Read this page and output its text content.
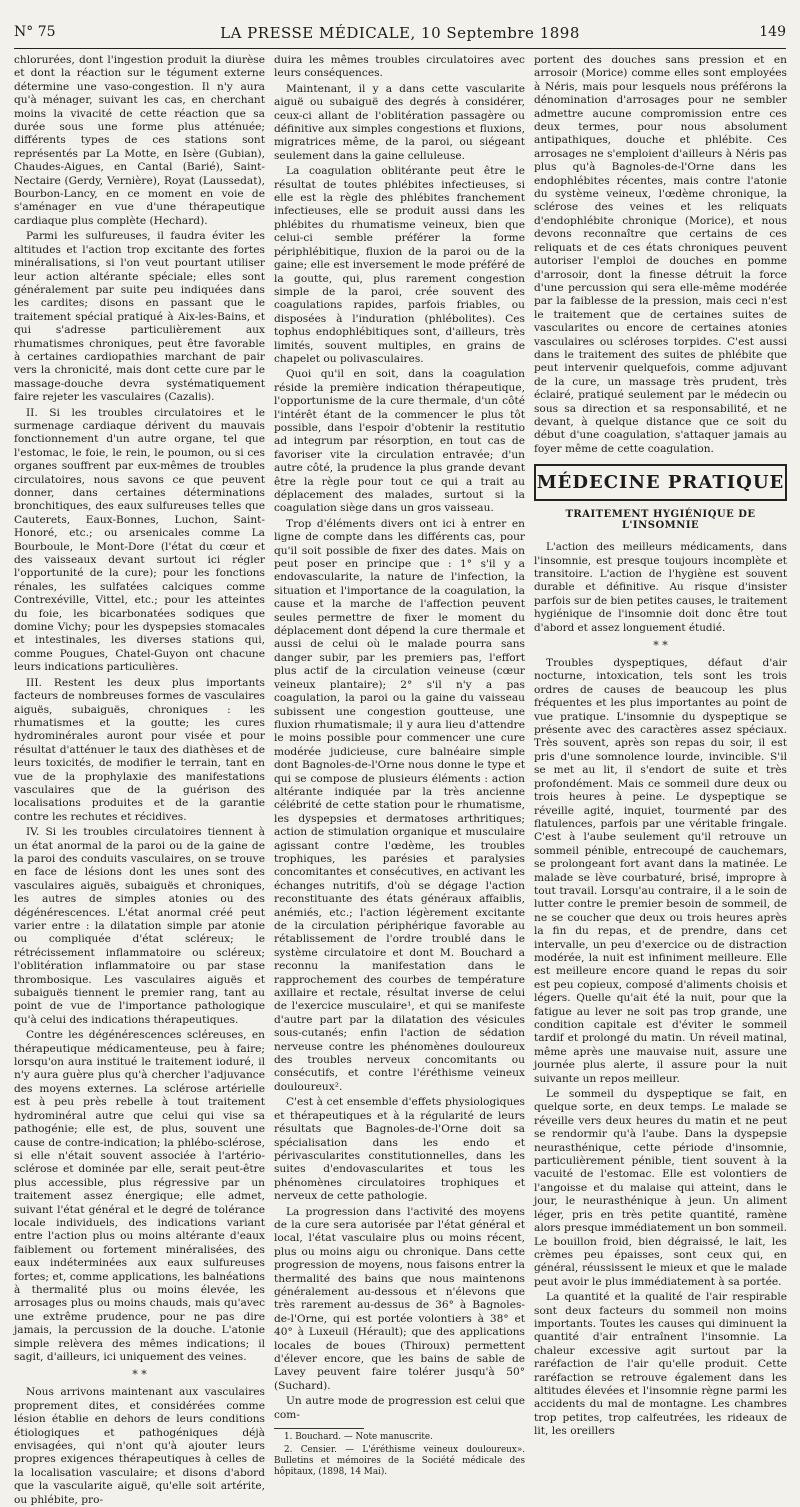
N° 75	LA PRESSE MÉDICALE, 10 Septembre 1898	149

chlorurées, dont l'ingestion produit la diurèse et dont la réaction sur le tégument externe détermine une vaso-congestion. Il n'y aura qu'à ménager, suivant les cas, en cherchant moins la vivacité de cette réaction que sa durée sous une forme plus atténuée; différents types de ces stations sont représentés par La Motte, en Isère (Gubian), Chaudes-Aigues, en Cantal (Barié), Saint-Nectaire (Gerdy, Vernière), Royat (Laussedat), Bourbon-Lancy, en ce moment en voie de s'aménager en vue d'une thérapeutique cardiaque plus complète (Hechard).

Parmi les sulfureuses, il faudra éviter les altitudes et l'action trop excitante des fortes minéralisations, si l'on veut pourtant utiliser leur action altérante spéciale; elles sont généralement par suite peu indiquées dans les cardites; disons en passant que le traitement spécial pratiqué à Aix-les-Bains, et qui s'adresse particulièrement aux rhumatismes chroniques, peut être favorable à certaines cardiopathies marchant de pair vers la chronicité, mais dont cette cure par le massage-douche devra systématiquement faire rejeter les vasculaires (Cazalis).

II. Si les troubles circulatoires et le surmenage cardiaque dérivent du mauvais fonctionnement d'un autre organe, tel que l'estomac, le foie, le rein, le poumon, ou si ces organes souffrent par eux-mêmes de troubles circulatoires, nous savons ce que peuvent donner, dans certaines déterminations bronchitiques, des eaux sulfureuses telles que Cauterets, Eaux-Bonnes, Luchon, Saint-Honoré, etc.; ou arsenicales comme La Bourboule, le Mont-Dore (l'état du cœur et des vaisseaux devant surtout ici régler l'opportunité de la cure); pour les fonctions rénales, les sulfatées calciques comme Contrexéville, Vittel, etc.; pour les atteintes du foie, les bicarbonatées sodiques que domine Vichy; pour les dyspepsies stomacales et intestinales, les diverses stations qui, comme Pougues, Chatel-Guyon ont chacune leurs indications particulières.

III. Restent les deux plus importants facteurs de nombreuses formes de vasculaires aiguës, subaiguës, chroniques : les rhumatismes et la goutte; les cures hydrominérales auront pour visée et pour résultat d'atténuer le taux des diathèses et de leurs toxicités, de modifier le terrain, tant en vue de la prophylaxie des manifestations vasculaires que de la guérison des localisations produites et de la garantie contre les rechutes et récidives.

IV. Si les troubles circulatoires tiennent à un état anormal de la paroi ou de la gaine de la paroi des conduits vasculaires, on se trouve en face de lésions dont les unes sont des vasculaires aiguës, subaiguës et chroniques, les autres de simples atonies ou des dégénérescences. L'état anormal créé peut varier entre : la dilatation simple par atonie ou compliquée d'état scléreux; le rétrécissement inflammatoire ou scléreux; l'oblitération inflammatoire ou par stase thrombosique. Les vasculaires aiguës et subaiguës tiennent le premier rang, tant au point de vue de l'importance pathologique qu'à celui des indications thérapeutiques.

Contre les dégénérescences scléreuses, en thérapeutique médicamenteuse, peu à faire; lorsqu'on aura institué le traitement ioduré, il n'y aura guère plus qu'à chercher l'adjuvance des moyens externes. La sclérose artérielle est à peu près rebelle à tout traitement hydrominéral autre que celui qui vise sa pathogénie; elle est, de plus, souvent une cause de contre-indication; la phlébo-sclérose, si elle n'était souvent associée à l'artério-sclérose et dominée par elle, serait peut-être plus accessible, plus régressive par un traitement assez énergique; elle admet, suivant l'état général et le degré de tolérance locale individuels, des indications variant entre l'action plus ou moins altérante d'eaux faiblement ou fortement minéralisées, des eaux indéterminées aux eaux sulfureuses fortes; et, comme applications, les balnéations à thermalité plus ou moins élevée, les arrosages plus ou moins chauds, mais qu'avec une extrême prudence, pour ne pas dire jamais, la percussion de la douche. L'atonie simple relèvera des mêmes indications; il sagit, d'ailleurs, ici uniquement des veines.

* *

Nous arrivons maintenant aux vasculaires proprement dites, et considérées comme lésion établie en dehors de leurs conditions étiologiques et pathogéniques déjà envisagées, qui n'ont qu'à ajouter leurs propres exigences thérapeutiques à celles de la localisation vasculaire; et disons d'abord que la vascularite aiguë, qu'elle soit artérite, ou phlébite, pro-

duira les mêmes troubles circulatoires avec leurs conséquences.

Maintenant, il y a dans cette vascularite aiguë ou subaiguë des degrés à considérer, ceux-ci allant de l'oblitération passagère ou définitive aux simples congestions et fluxions, migratrices même, de la paroi, ou siégeant seulement dans la gaine celluleuse.

La coagulation oblitérante peut être le résultat de toutes phlébites infectieuses, si elle est la règle des phlébites franchement infectieuses, elle se produit aussi dans les phlébites du rhumatisme veineux, bien que celui-ci semble préférer la forme périphlébitique, fluxion de la paroi ou de la gaine; elle est inversement le mode préféré de la goutte, qui, plus rarement congestion simple de la paroi, crée souvent des coagulations rapides, parfois friables, ou disposées à l'induration (phlébolites). Ces tophus endophlébitiques sont, d'ailleurs, très limités, souvent multiples, en grains de chapelet ou polivasculaires.

Quoi qu'il en soit, dans la coagulation réside la première indication thérapeutique, l'opportunisme de la cure thermale, d'un côté l'intérêt étant de la commencer le plus tôt possible, dans l'espoir d'obtenir la restitutio ad integrum par résorption, en tout cas de favoriser vite la circulation entravée; d'un autre côté, la prudence la plus grande devant être la règle pour tout ce qui a trait au déplacement des malades, surtout si la coagulation siège dans un gros vaisseau.

Trop d'éléments divers ont ici à entrer en ligne de compte dans les différents cas, pour qu'il soit possible de fixer des dates. Mais on peut poser en principe que : 1° s'il y a endovascularite, la nature de l'infection, la situation et l'importance de la coagulation, la cause et la marche de l'affection peuvent seules permettre de fixer le moment du déplacement dont dépend la cure thermale et aussi de celui où le malade pourra sans danger subir, par les premiers pas, l'effort plus actif de la circulation veineuse (cœur veineux plantaire); 2° s'il n'y a pas coagulation, la paroi ou la gaine du vaisseau subissent une congestion goutteuse, une fluxion rhumatismale; il y aura lieu d'attendre le moins possible pour commencer une cure modérée judicieuse, cure balnéaire simple dont Bagnoles-de-l'Orne nous donne le type et qui se compose de plusieurs éléments : action altérante indiquée par la très ancienne célébrité de cette station pour le rhumatisme, les dyspepsies et dermatoses arthritiques; action de stimulation organique et musculaire agissant contre l'œdème, les troubles trophiques, les parésies et paralysies concomitantes et consécutives, en activant les échanges nutritifs, d'où se dégage l'action reconstituante des états généraux affaiblis, anémiés, etc.; l'action légèrement excitante de la circulation périphérique favorable au rétablissement de l'ordre troublé dans le système circulatoire et dont M. Bouchard a reconnu la manifestation dans le rapprochement des courbes de température axillaire et rectale, résultat inverse de celui de l'exercice musculaire¹, et qui se manifeste d'autre part par la dilatation des vésicules sous-cutanés; enfin l'action de sédation nerveuse contre les phénomènes douloureux des troubles nerveux concomitants ou consécutifs, et contre l'éréthisme veineux douloureux².

C'est à cet ensemble d'effets physiologiques et thérapeutiques et à la régularité de leurs résultats que Bagnoles-de-l'Orne doit sa spécialisation dans les endo et périvascularites constitutionnelles, dans les suites d'endovascularites et tous les phénomènes circulatoires trophiques et nerveux de cette pathologie.

La progression dans l'activité des moyens de la cure sera autorisée par l'état général et local, l'état vasculaire plus ou moins récent, plus ou moins aigu ou chronique. Dans cette progression de moyens, nous faisons entrer la thermalité des bains que nous maintenons généralement au-dessous et n'élevons que très rarement au-dessus de 36° à Bagnoles-de-l'Orne, qui est portée volontiers à 38° et 40° à Luxeuil (Hérault); que des applications locales de boues (Thiroux) permettent d'élever encore, que les bains de sable de Lavey peuvent faire tolérer jusqu'à 50° (Suchard).

Un autre mode de progression est celui que com-

1. Bouchard. — Note manuscrite.

2. Censier. — L'éréthisme veineux douloureux». Bulletins et mémoires de la Société médicale des hôpitaux, (1898, 14 Mai).

portent des douches sans pression et en arrosoir (Morice) comme elles sont employées à Néris, mais pour lesquels nous préférons la dénomination d'arrosages pour ne sembler admettre aucune compromission entre ces deux termes, pour nous absolument antipathiques, douche et phlébite. Ces arrosages ne s'emploient d'ailleurs à Néris pas plus qu'à Bagnoles-de-l'Orne dans les endophlébites récentes, mais contre l'atonie du système veineux, l'œdème chronique, la sclérose des veines et les reliquats d'endophlébite chronique (Morice), et nous devons reconnaître que certains de ces reliquats et de ces états chroniques peuvent autoriser l'emploi de douches en pomme d'arrosoir, dont la finesse détruit la force d'une percussion qui sera elle-même modérée par la faiblesse de la pression, mais ceci n'est le traitement que de certaines suites de vascularites ou encore de certaines atonies vasculaires ou scléroses torpides. C'est aussi dans le traitement des suites de phlébite que peut intervenir quelquefois, comme adjuvant de la cure, un massage très prudent, très éclairé, pratiqué seulement par le médecin ou sous sa direction et sa responsabilité, et ne devant, à quelque distance que ce soit du début d'une coagulation, s'attaquer jamais au foyer même de cette coagulation.

MÉDECINE PRATIQUE
TRAITEMENT HYGIÉNIQUE DE L'INSOMNIE

L'action des meilleurs médicaments, dans l'insomnie, est presque toujours incomplète et transitoire. L'action de l'hygiène est souvent durable et définitive. Au risque d'insister parfois sur de bien petites causes, le traitement hygiénique de l'insomnie doit donc être tout d'abord et assez longuement étudié.

* *

Troubles dyspeptiques, défaut d'air nocturne, intoxication, tels sont les trois ordres de causes de beaucoup les plus fréquentes et les plus importantes au point de vue pratique. L'insomnie du dyspeptique se présente avec des caractères assez spéciaux. Très souvent, après son repas du soir, il est pris d'une somnolence lourde, invincible. S'il se met au lit, il s'endort de suite et très profondément. Mais ce sommeil dure deux ou trois heures à peine. Le dyspeptique se réveille agité, inquiet, tourmenté par des flatulences, parfois par une véritable fringale. C'est à l'aube seulement qu'il retrouve un sommeil pénible, entrecoupé de cauchemars, se prolongeant fort avant dans la matinée. Le malade se lève courbaturé, brisé, impropre à tout travail. Lorsqu'au contraire, il a le soin de lutter contre le premier besoin de sommeil, de ne se coucher que deux ou trois heures après la fin du repas, et de prendre, dans cet intervalle, un peu d'exercice ou de distraction modérée, la nuit est infiniment meilleure. Elle est meilleure encore quand le repas du soir est peu copieux, composé d'aliments choisis et légers. Quelle qu'ait été la nuit, pour que la fatigue au lever ne soit pas trop grande, une condition capitale est d'éviter le sommeil tardif et prolongé du matin. Un réveil matinal, même après une mauvaise nuit, assure une journée plus alerte, il assure pour la nuit suivante un repos meilleur.

Le sommeil du dyspeptique se fait, en quelque sorte, en deux temps. Le malade se réveille vers deux heures du matin et ne peut se rendormir qu'à l'aube. Dans la dyspepsie neurasthénique, cette période d'insomnie, particulièrement pénible, tient souvent à la vacuité de l'estomac. Elle est volontiers de l'angoisse et du malaise qui atteint, dans le jour, le neurasthénique à jeun. Un aliment léger, pris en très petite quantité, ramène alors presque immédiatement un bon sommeil. Le bouillon froid, bien dégraissé, le lait, les crèmes peu épaisses, sont ceux qui, en général, réussissent le mieux et que le malade peut avoir le plus immédiatement à sa portée.

La quantité et la qualité de l'air respirable sont deux facteurs du sommeil non moins importants. Toutes les causes qui diminuent la quantité d'air entraînent l'insomnie. La chaleur excessive agit surtout par la raréfaction de l'air qu'elle produit. Cette raréfaction se retrouve également dans les altitudes élevées et l'insomnie règne parmi les accidents du mal de montagne. Les chambres trop petites, trop calfeutrées, les rideaux de lit, les oreillers
